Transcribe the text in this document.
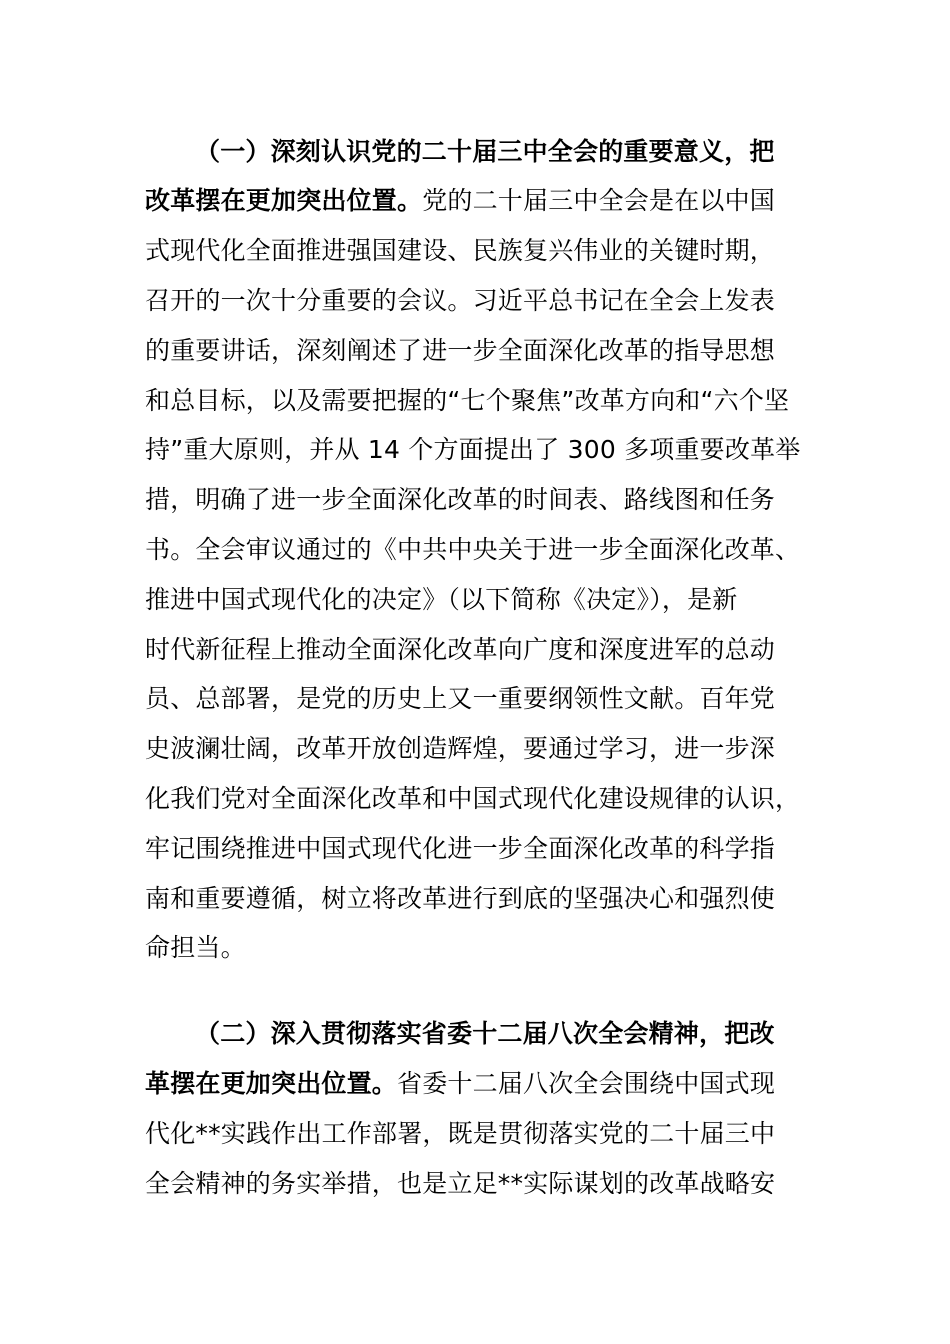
（一）深刻认识党的二十届三中全会的重要意义，把
改革摆在更加突出位置。党的二十届三中全会是在以中国
式现代化全面推进强国建设、民族复兴伟业的关键时期，
召开的一次十分重要的会议。习近平总书记在全会上发表
的重要讲话，深刻阐述了进一步全面深化改革的指导思想
和总目标，以及需要把握的“七个聚焦”改革方向和“六个坚
持”重大原则，并从 14 个方面提出了 300 多项重要改革举
措，明确了进一步全面深化改革的时间表、路线图和任务
书。全会审议通过的《中共中央关于进一步全面深化改革、
推进中国式现代化的决定》（以下简称《决定》），是新
时代新征程上推动全面深化改革向广度和深度进军的总动
员、总部署，是党的历史上又一重要纲领性文献。百年党
史波澜壮阔，改革开放创造辉煌，要通过学习，进一步深
化我们党对全面深化改革和中国式现代化建设规律的认识，
牢记围绕推进中国式现代化进一步全面深化改革的科学指
南和重要遵循，树立将改革进行到底的坚强决心和强烈使
命担当。
（二）深入贯彻落实省委十二届八次全会精神，把改
革摆在更加突出位置。省委十二届八次全会围绕中国式现
代化**实践作出工作部署，既是贯彻落实党的二十届三中
全会精神的务实举措，也是立足**实际谋划的改革战略安
